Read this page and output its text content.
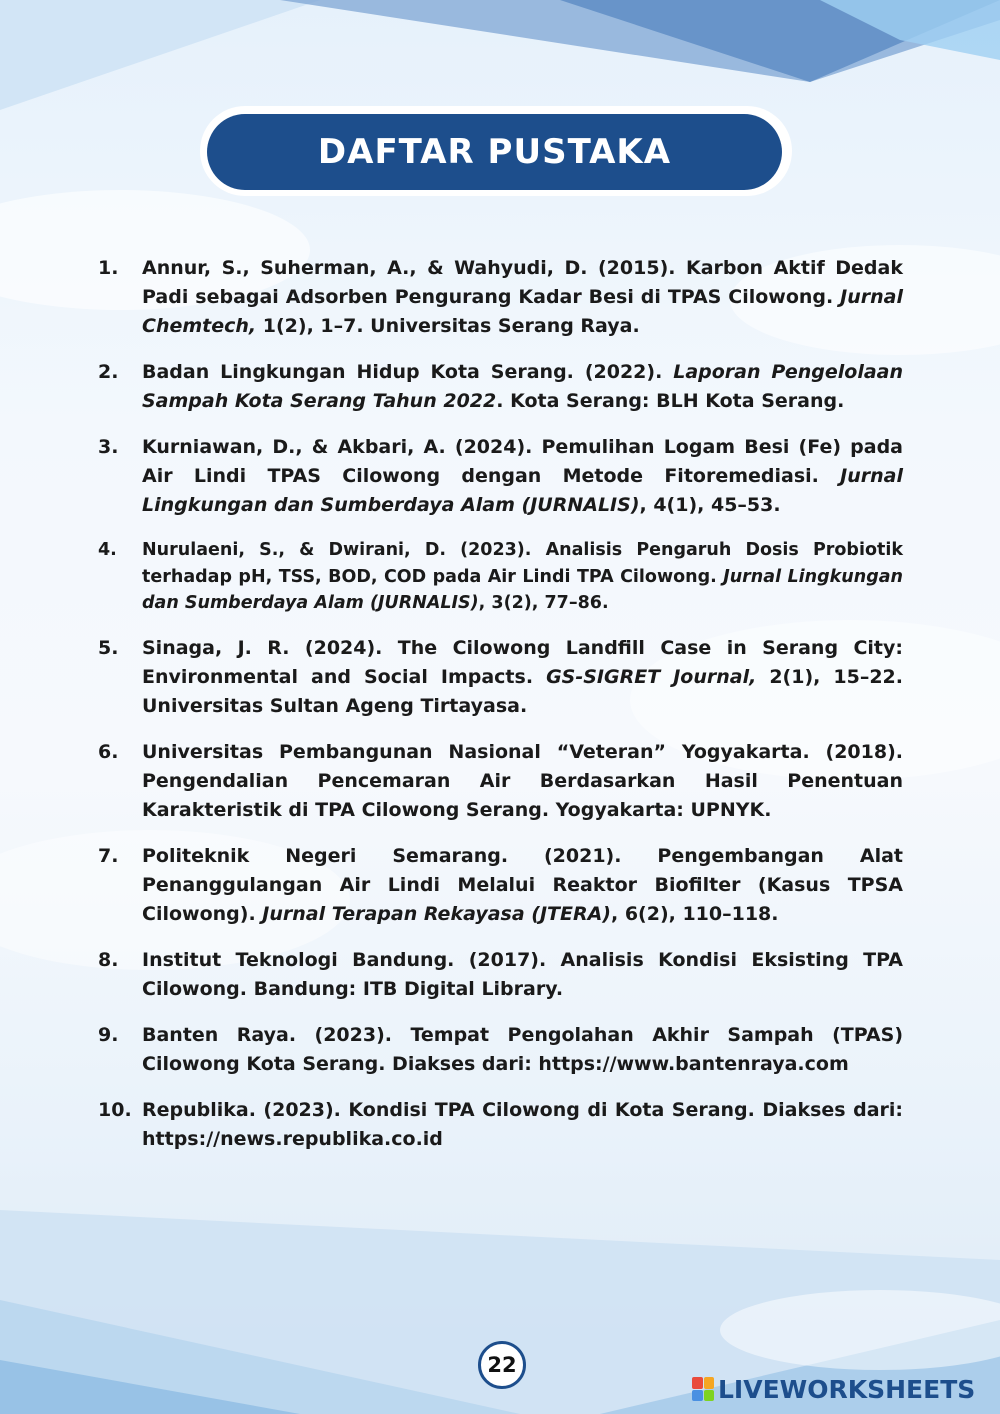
DAFTAR PUSTAKA
1.	Annur, S., Suherman, A., & Wahyudi, D. (2015). Karbon Aktif Dedak Padi sebagai Adsorben Pengurang Kadar Besi di TPAS Cilowong. Jurnal Chemtech, 1(2), 1–7. Universitas Serang Raya.
2.	Badan Lingkungan Hidup Kota Serang. (2022). Laporan Pengelolaan Sampah Kota Serang Tahun 2022. Kota Serang: BLH Kota Serang.
3.	Kurniawan, D., & Akbari, A. (2024). Pemulihan Logam Besi (Fe) pada Air Lindi TPAS Cilowong dengan Metode Fitoremediasi. Jurnal Lingkungan dan Sumberdaya Alam (JURNALIS), 4(1), 45–53.
4.	Nurulaeni, S., & Dwirani, D. (2023). Analisis Pengaruh Dosis Probiotik terhadap pH, TSS, BOD, COD pada Air Lindi TPA Cilowong. Jurnal Lingkungan dan Sumberdaya Alam (JURNALIS), 3(2), 77–86.
5.	Sinaga, J. R. (2024). The Cilowong Landfill Case in Serang City: Environmental and Social Impacts. GS-SIGRET Journal, 2(1), 15–22. Universitas Sultan Ageng Tirtayasa.
6.	Universitas Pembangunan Nasional “Veteran” Yogyakarta. (2018). Pengendalian Pencemaran Air Berdasarkan Hasil Penentuan Karakteristik di TPA Cilowong Serang. Yogyakarta: UPNYK.
7.	Politeknik Negeri Semarang. (2021). Pengembangan Alat Penanggulangan Air Lindi Melalui Reaktor Biofilter (Kasus TPSA Cilowong). Jurnal Terapan Rekayasa (JTERA), 6(2), 110–118.
8.	Institut Teknologi Bandung. (2017). Analisis Kondisi Eksisting TPA Cilowong. Bandung: ITB Digital Library.
9.	Banten Raya. (2023). Tempat Pengolahan Akhir Sampah (TPAS) Cilowong Kota Serang. Diakses dari: https://www.bantenraya.com
10. Republika. (2023). Kondisi TPA Cilowong di Kota Serang. Diakses dari: https://news.republika.co.id
22
LIVEWORKSHEETS
